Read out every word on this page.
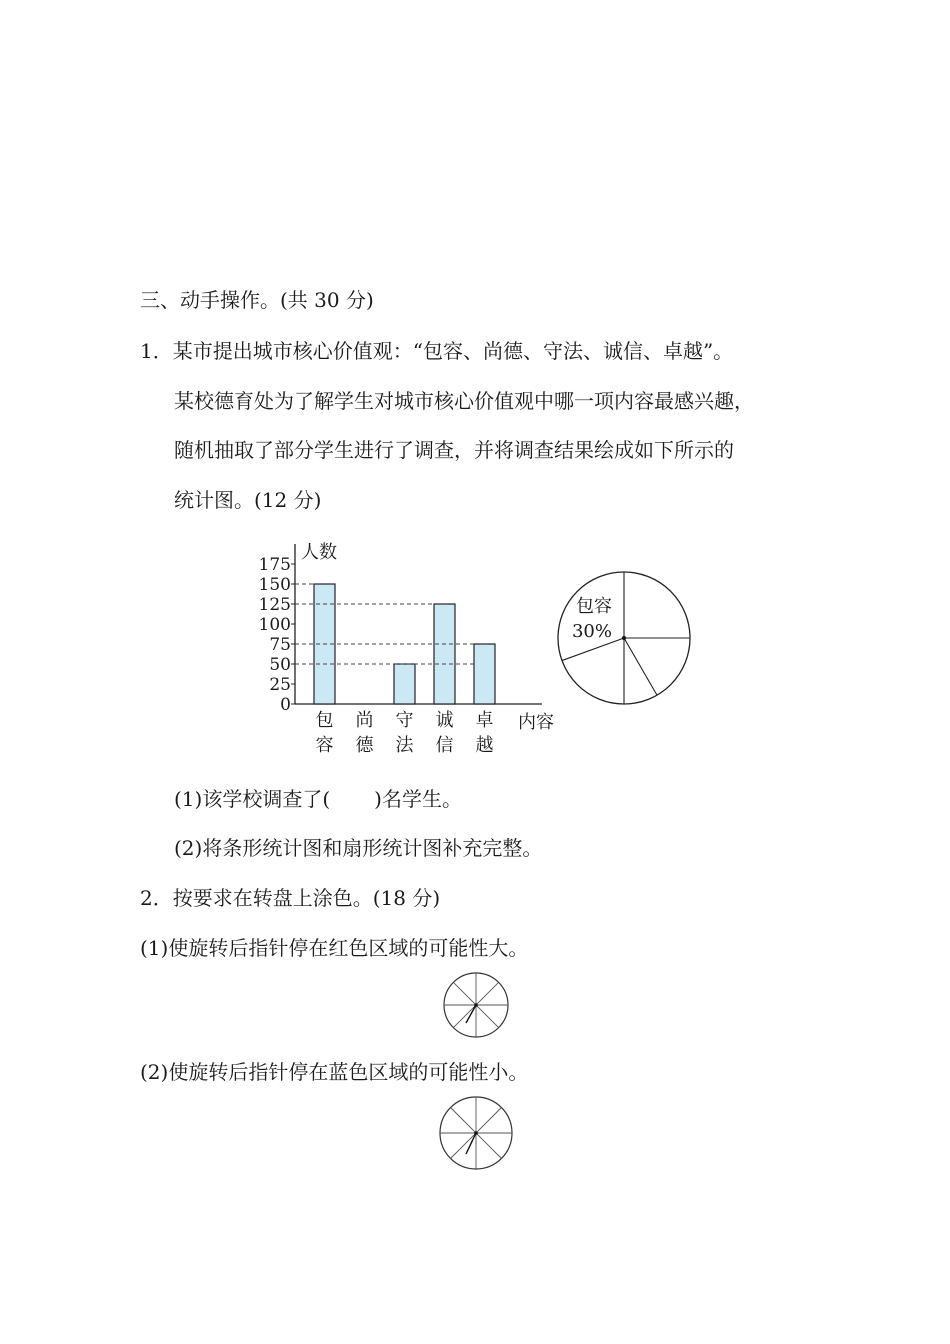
三、动手操作。(共 30 分)
1．某市提出城市核心价值观：“包容、尚德、守法、诚信、卓越”。
某校德育处为了解学生对城市核心价值观中哪一项内容最感兴趣，
随机抽取了部分学生进行了调查，并将调查结果绘成如下所示的
统计图。(12 分)
人数
内容
0
25
50
75
100
125
150
175
包
容
尚
德
守
法
诚
信
卓
越
包容
30%
(1)该学校调查了( )名学生。
(2)将条形统计图和扇形统计图补充完整。
2．按要求在转盘上涂色。(18 分)
(1)使旋转后指针停在红色区域的可能性大。
(2)使旋转后指针停在蓝色区域的可能性小。
